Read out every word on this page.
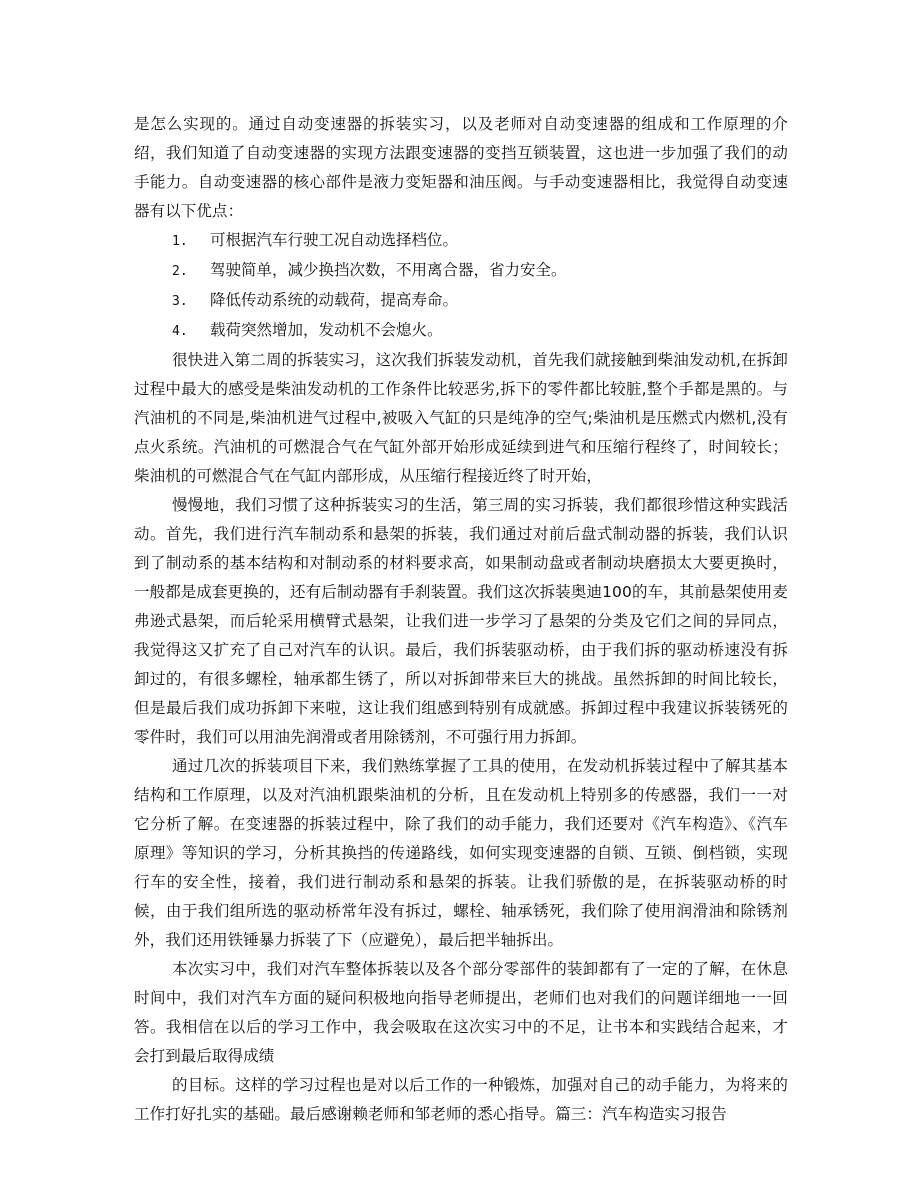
是怎么实现的。通过自动变速器的拆装实习，以及老师对自动变速器的组成和工作原理的介绍，我们知道了自动变速器的实现方法跟变速器的变挡互锁装置，这也进一步加强了我们的动手能力。自动变速器的核心部件是液力变矩器和油压阀。与手动变速器相比，我觉得自动变速器有以下优点：

1. 可根据汽车行驶工况自动选择档位。

2. 驾驶简单，减少换挡次数，不用离合器，省力安全。

3. 降低传动系统的动载荷，提高寿命。

4. 载荷突然增加，发动机不会熄火。

很快进入第二周的拆装实习，这次我们拆装发动机，首先我们就接触到柴油发动机,在拆卸过程中最大的感受是柴油发动机的工作条件比较恶劣,拆下的零件都比较脏,整个手都是黑的。与汽油机的不同是,柴油机进气过程中,被吸入气缸的只是纯净的空气;柴油机是压燃式内燃机,没有点火系统。汽油机的可燃混合气在气缸外部开始形成延续到进气和压缩行程终了，时间较长；柴油机的可燃混合气在气缸内部形成，从压缩行程接近终了时开始，

慢慢地，我们习惯了这种拆装实习的生活，第三周的实习拆装，我们都很珍惜这种实践活动。首先，我们进行汽车制动系和悬架的拆装，我们通过对前后盘式制动器的拆装，我们认识到了制动系的基本结构和对制动系的材料要求高，如果制动盘或者制动块磨损太大要更换时，一般都是成套更换的，还有后制动器有手刹装置。我们这次拆装奥迪100的车，其前悬架使用麦弗逊式悬架，而后轮采用横臂式悬架，让我们进一步学习了悬架的分类及它们之间的异同点，我觉得这又扩充了自己对汽车的认识。最后，我们拆装驱动桥，由于我们拆的驱动桥速没有拆卸过的，有很多螺栓，轴承都生锈了，所以对拆卸带来巨大的挑战。虽然拆卸的时间比较长，但是最后我们成功拆卸下来啦，这让我们组感到特别有成就感。拆卸过程中我建议拆装锈死的零件时，我们可以用油先润滑或者用除锈剂，不可强行用力拆卸。

通过几次的拆装项目下来，我们熟练掌握了工具的使用，在发动机拆装过程中了解其基本结构和工作原理，以及对汽油机跟柴油机的分析，且在发动机上特别多的传感器，我们一一对它分析了解。在变速器的拆装过程中，除了我们的动手能力，我们还要对《汽车构造》、《汽车原理》等知识的学习，分析其换挡的传递路线，如何实现变速器的自锁、互锁、倒档锁，实现行车的安全性，接着，我们进行制动系和悬架的拆装。让我们骄傲的是，在拆装驱动桥的时候，由于我们组所选的驱动桥常年没有拆过，螺栓、轴承锈死，我们除了使用润滑油和除锈剂外，我们还用铁锤暴力拆装了下（应避免），最后把半轴拆出。

本次实习中，我们对汽车整体拆装以及各个部分零部件的装卸都有了一定的了解，在休息时间中，我们对汽车方面的疑问积极地向指导老师提出，老师们也对我们的问题详细地一一回答。我相信在以后的学习工作中，我会吸取在这次实习中的不足，让书本和实践结合起来，才会打到最后取得成绩

的目标。这样的学习过程也是对以后工作的一种锻炼，加强对自己的动手能力，为将来的工作打好扎实的基础。最后感谢赖老师和邹老师的悉心指导。篇三：汽车构造实习报告
